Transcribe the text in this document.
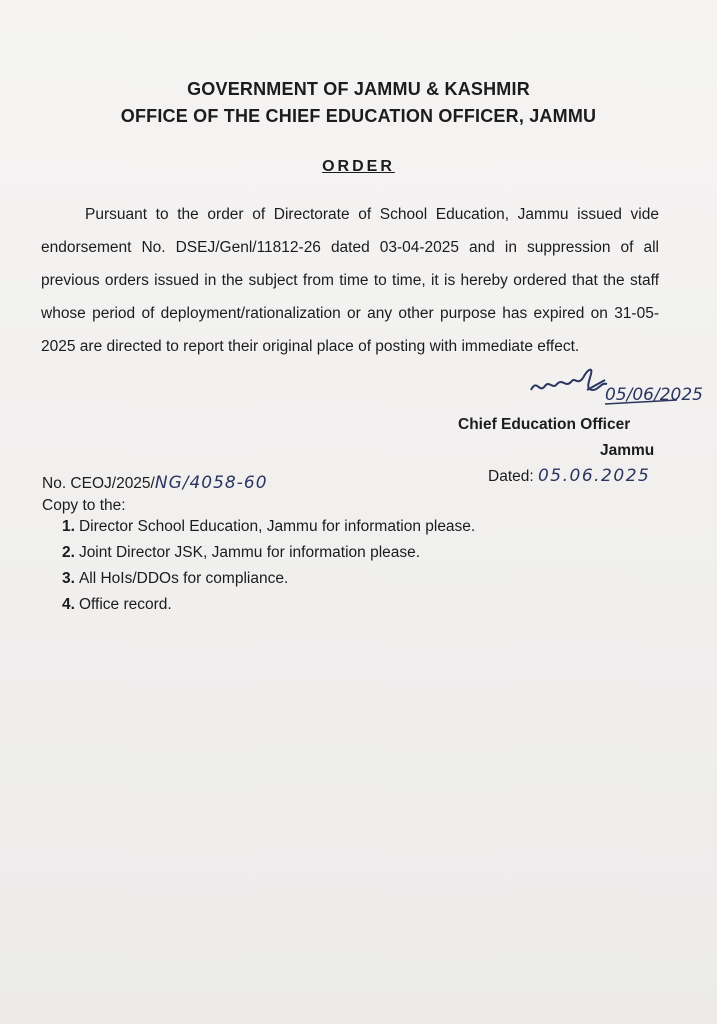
GOVERNMENT OF JAMMU & KASHMIR
OFFICE OF THE CHIEF EDUCATION OFFICER, JAMMU
ORDER
Pursuant to the order of Directorate of School Education, Jammu issued vide endorsement No. DSEJ/Genl/11812-26 dated 03-04-2025 and in suppression of all previous orders issued in the subject from time to time, it is hereby ordered that the staff whose period of deployment/rationalization or any other purpose has expired on 31-05-2025 are directed to report their original place of posting with immediate effect.
05/06/2025
Chief Education Officer
Jammu
No. CEOJ/2025/NG/4058-60	Dated: 05.06.2025
Copy to the:
1. Director School Education, Jammu for information please.
2. Joint Director JSK, Jammu for information please.
3. All HoIs/DDOs for compliance.
4. Office record.
